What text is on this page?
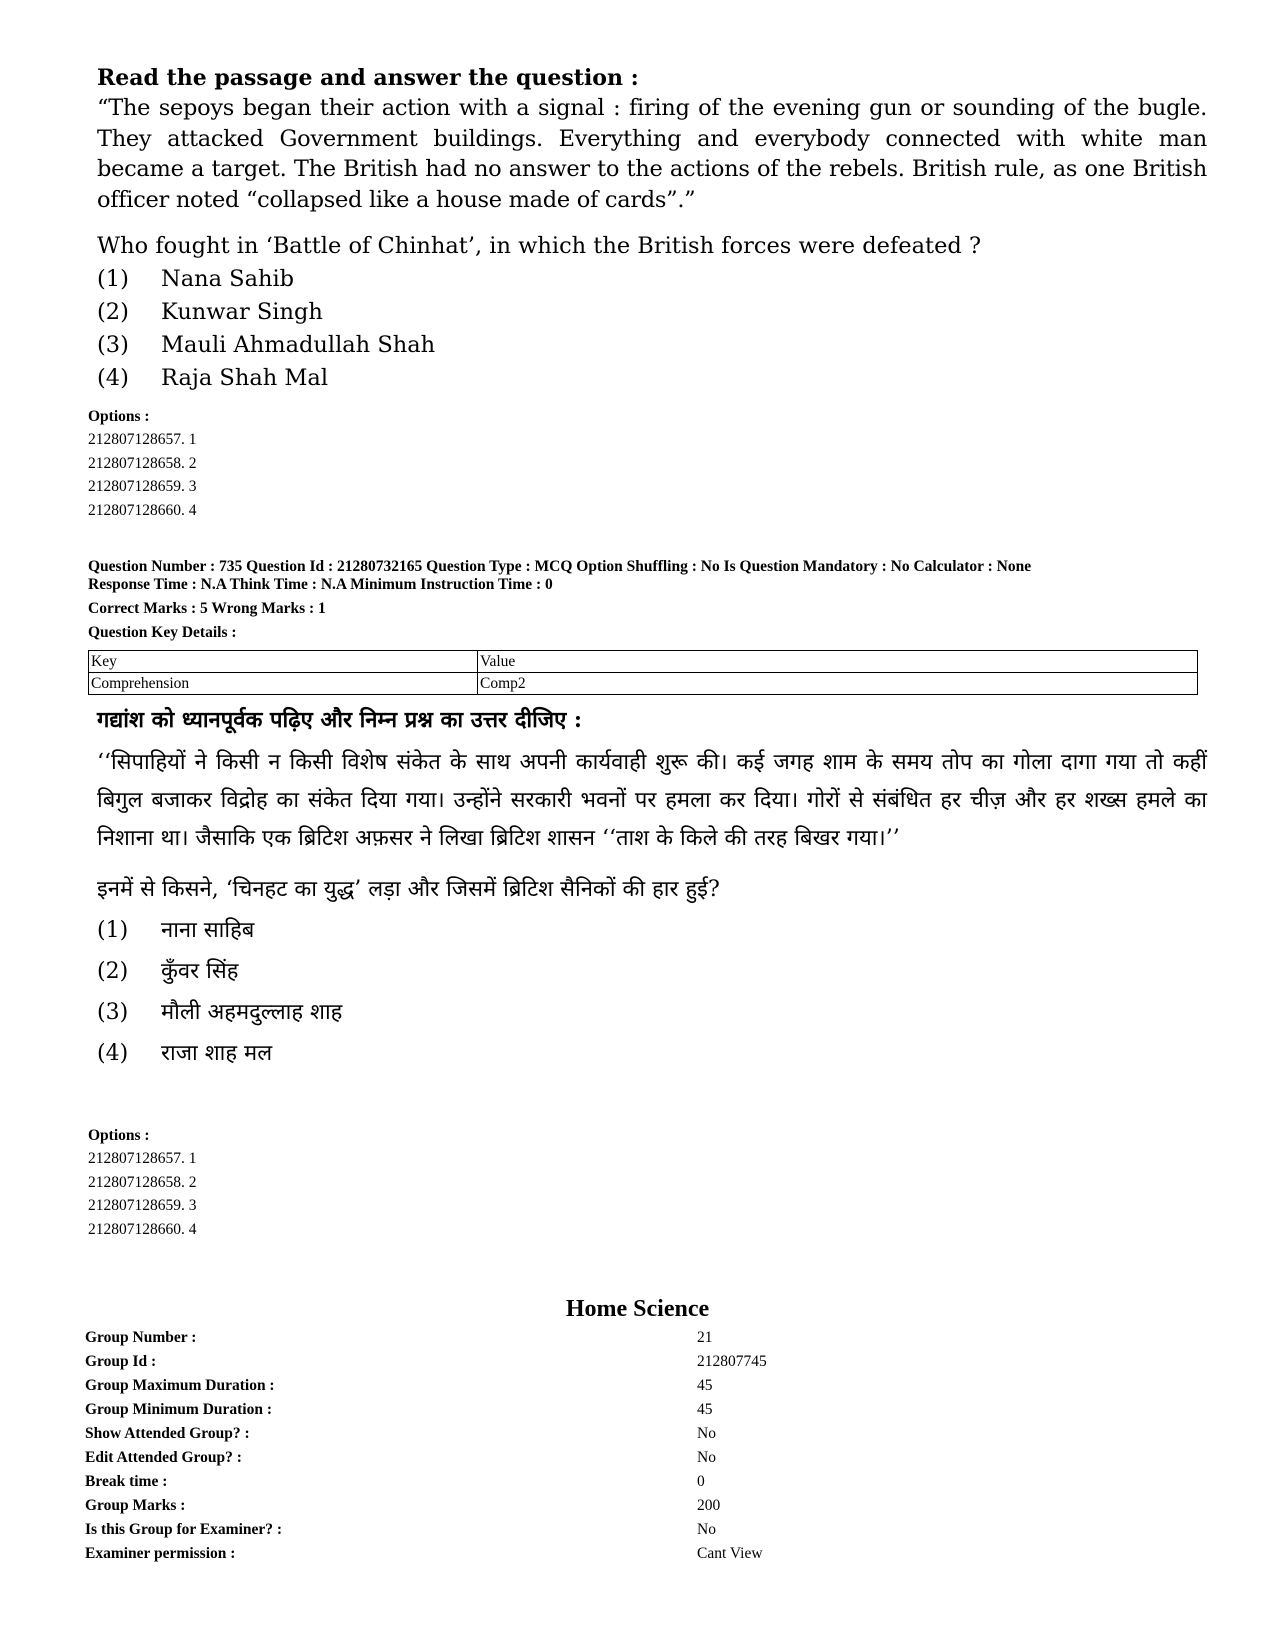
Read the passage and answer the question :
“The sepoys began their action with a signal : firing of the evening gun or sounding of the bugle. They attacked Government buildings. Everything and everybody connected with white man became a target. The British had no answer to the actions of the rebels. British rule, as one British officer noted “collapsed like a house made of cards”.”
Who fought in ‘Battle of Chinhat’, in which the British forces were defeated ?
(1)	Nana Sahib
(2)	Kunwar Singh
(3)	Mauli Ahmadullah Shah
(4)	Raja Shah Mal
Options :
212807128657. 1
212807128658. 2
212807128659. 3
212807128660. 4
Question Number : 735 Question Id : 21280732165 Question Type : MCQ Option Shuffling : No Is Question Mandatory : No Calculator : None
Response Time : N.A Think Time : N.A Minimum Instruction Time : 0
Correct Marks : 5 Wrong Marks : 1
Question Key Details :
Key	Value
Comprehension	Comp2
गद्यांश को ध्यानपूर्वक पढ़िए और निम्न प्रश्न का उत्तर दीजिए :
‘‘सिपाहियों ने किसी न किसी विशेष संकेत के साथ अपनी कार्यवाही शुरू की। कई जगह शाम के समय तोप का गोला दागा गया तो कहीं बिगुल बजाकर विद्रोह का संकेत दिया गया। उन्होंने सरकारी भवनों पर हमला कर दिया। गोरों से संबंधित हर चीज़ और हर शख्स हमले का निशाना था। जैसाकि एक ब्रिटिश अफ़सर ने लिखा ब्रिटिश शासन ‘‘ताश के किले की तरह बिखर गया।’’
इनमें से किसने, ‘चिनहट का युद्ध’ लड़ा और जिसमें ब्रिटिश सैनिकों की हार हुई?
(1)	नाना साहिब
(2)	कुँवर सिंह
(3)	मौली अहमदुल्लाह शाह
(4)	राजा शाह मल
Options :
212807128657. 1
212807128658. 2
212807128659. 3
212807128660. 4
Home Science
Group Number :	21
Group Id :	212807745
Group Maximum Duration :	45
Group Minimum Duration :	45
Show Attended Group? :	No
Edit Attended Group? :	No
Break time :	0
Group Marks :	200
Is this Group for Examiner? :	No
Examiner permission :	Cant View
